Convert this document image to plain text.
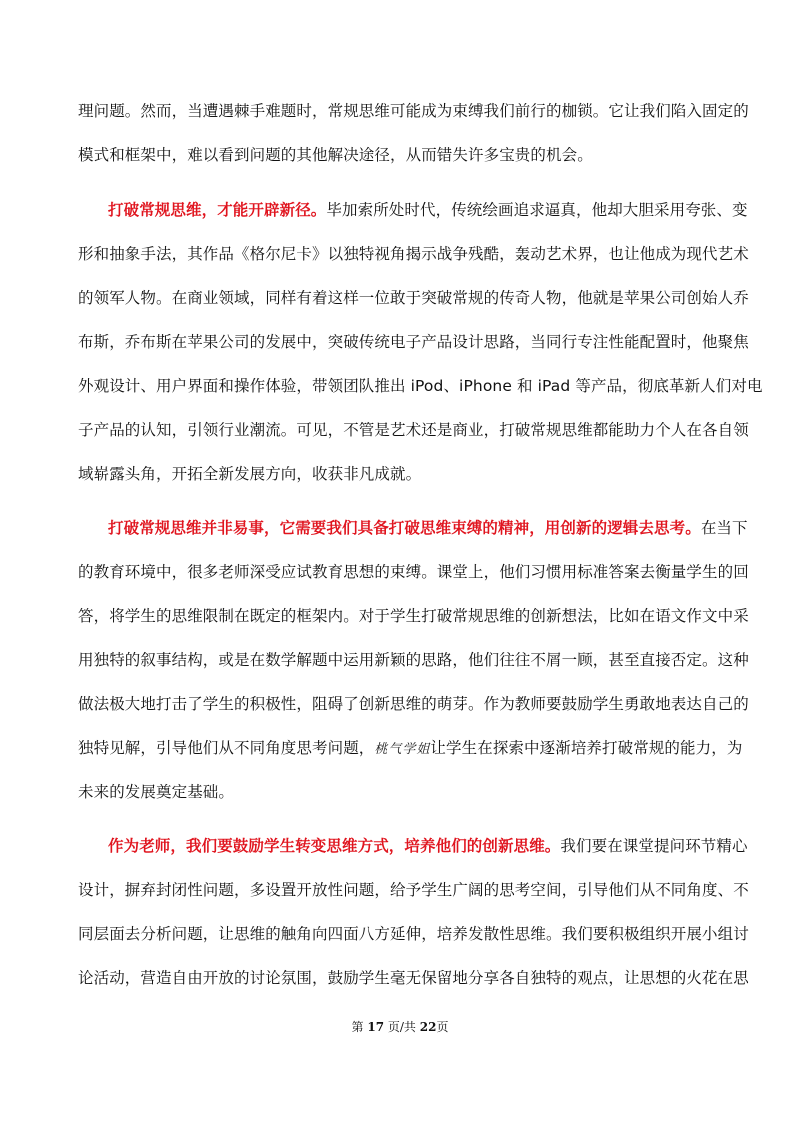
理问题。然而，当遭遇棘手难题时，常规思维可能成为束缚我们前行的枷锁。它让我们陷入固定的
模式和框架中，难以看到问题的其他解决途径，从而错失许多宝贵的机会。
打破常规思维，才能开辟新径。毕加索所处时代，传统绘画追求逼真，他却大胆采用夸张、变
形和抽象手法，其作品《格尔尼卡》以独特视角揭示战争残酷，轰动艺术界，也让他成为现代艺术
的领军人物。在商业领域，同样有着这样一位敢于突破常规的传奇人物，他就是苹果公司创始人乔
布斯，乔布斯在苹果公司的发展中，突破传统电子产品设计思路，当同行专注性能配置时，他聚焦
外观设计、用户界面和操作体验，带领团队推出 iPod、iPhone 和 iPad 等产品，彻底革新人们对电
子产品的认知，引领行业潮流。可见，不管是艺术还是商业，打破常规思维都能助力个人在各自领
域崭露头角，开拓全新发展方向，收获非凡成就。
打破常规思维并非易事，它需要我们具备打破思维束缚的精神，用创新的逻辑去思考。在当下
的教育环境中，很多老师深受应试教育思想的束缚。课堂上，他们习惯用标准答案去衡量学生的回
答，将学生的思维限制在既定的框架内。对于学生打破常规思维的创新想法，比如在语文作文中采
用独特的叙事结构，或是在数学解题中运用新颖的思路，他们往往不屑一顾，甚至直接否定。这种
做法极大地打击了学生的积极性，阻碍了创新思维的萌芽。作为教师要鼓励学生勇敢地表达自己的
独特见解，引导他们从不同角度思考问题，桃气学姐让学生在探索中逐渐培养打破常规的能力，为
未来的发展奠定基础。
作为老师，我们要鼓励学生转变思维方式，培养他们的创新思维。我们要在课堂提问环节精心
设计，摒弃封闭性问题，多设置开放性问题，给予学生广阔的思考空间，引导他们从不同角度、不
同层面去分析问题，让思维的触角向四面八方延伸，培养发散性思维。我们要积极组织开展小组讨
论活动，营造自由开放的讨论氛围，鼓励学生毫无保留地分享各自独特的观点，让思想的火花在思
第 17 页/共 22页
